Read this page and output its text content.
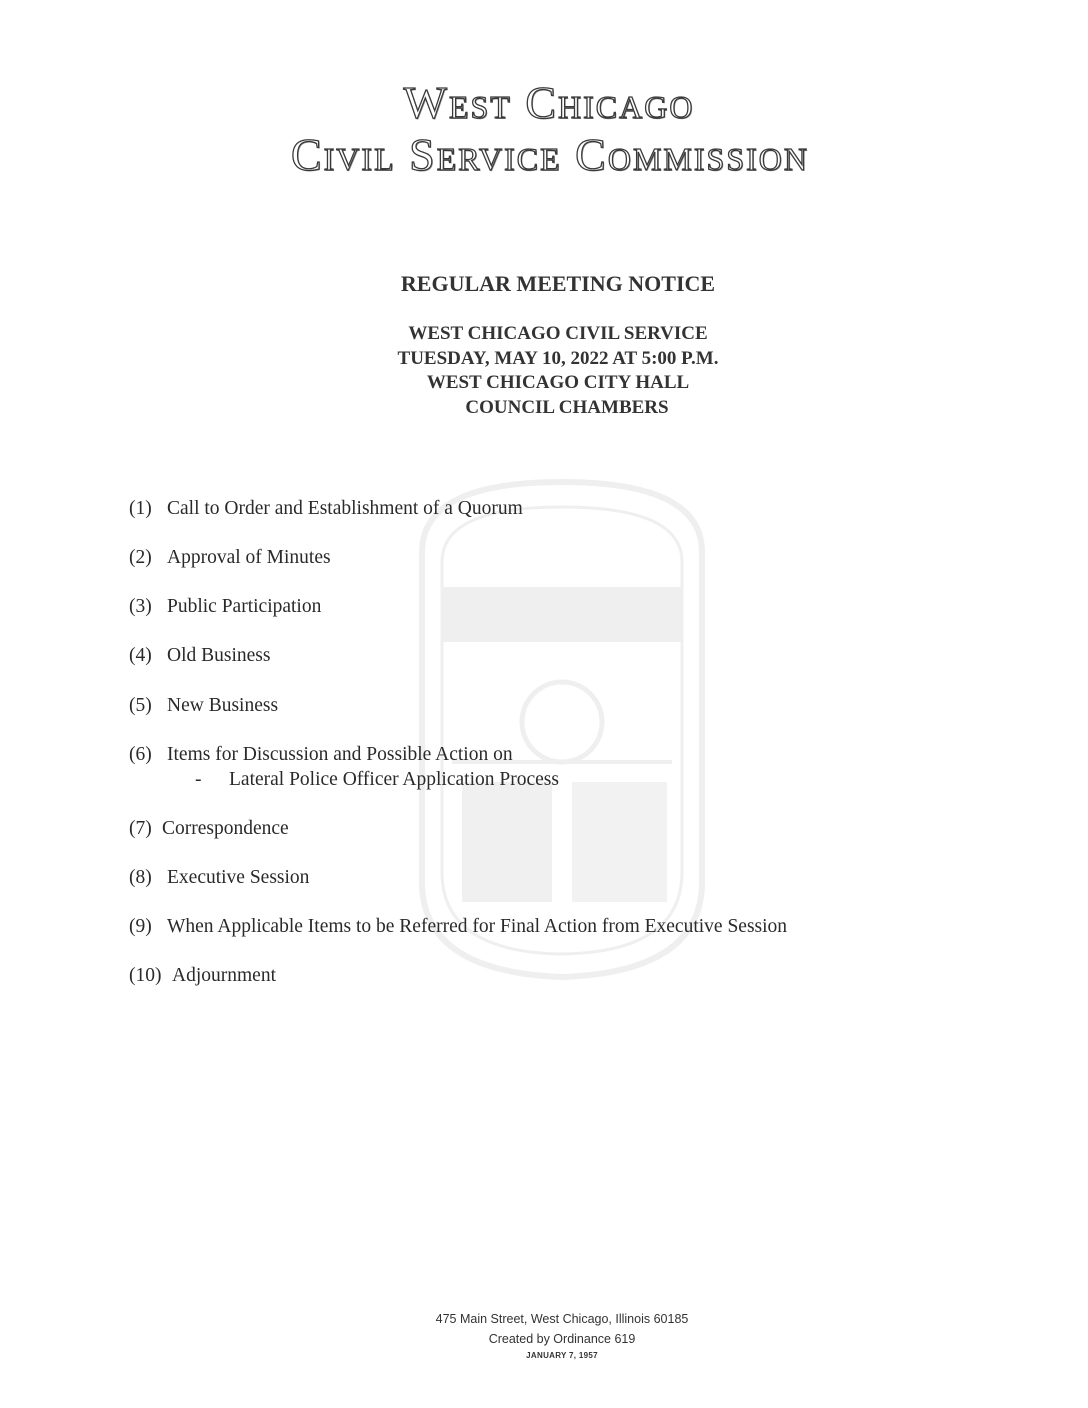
West Chicago
Civil Service Commission
REGULAR MEETING NOTICE
WEST CHICAGO CIVIL SERVICE
TUESDAY, MAY 10, 2022 AT 5:00 P.M.
WEST CHICAGO CITY HALL
COUNCIL CHAMBERS
(1) Call to Order and Establishment of a Quorum
(2) Approval of Minutes
(3) Public Participation
(4) Old Business
(5) New Business
(6) Items for Discussion and Possible Action on
- Lateral Police Officer Application Process
(7) Correspondence
(8) Executive Session
(9) When Applicable Items to be Referred for Final Action from Executive Session
(10) Adjournment
475 Main Street, West Chicago, Illinois 60185
Created by Ordinance 619
JANUARY 7, 1957
